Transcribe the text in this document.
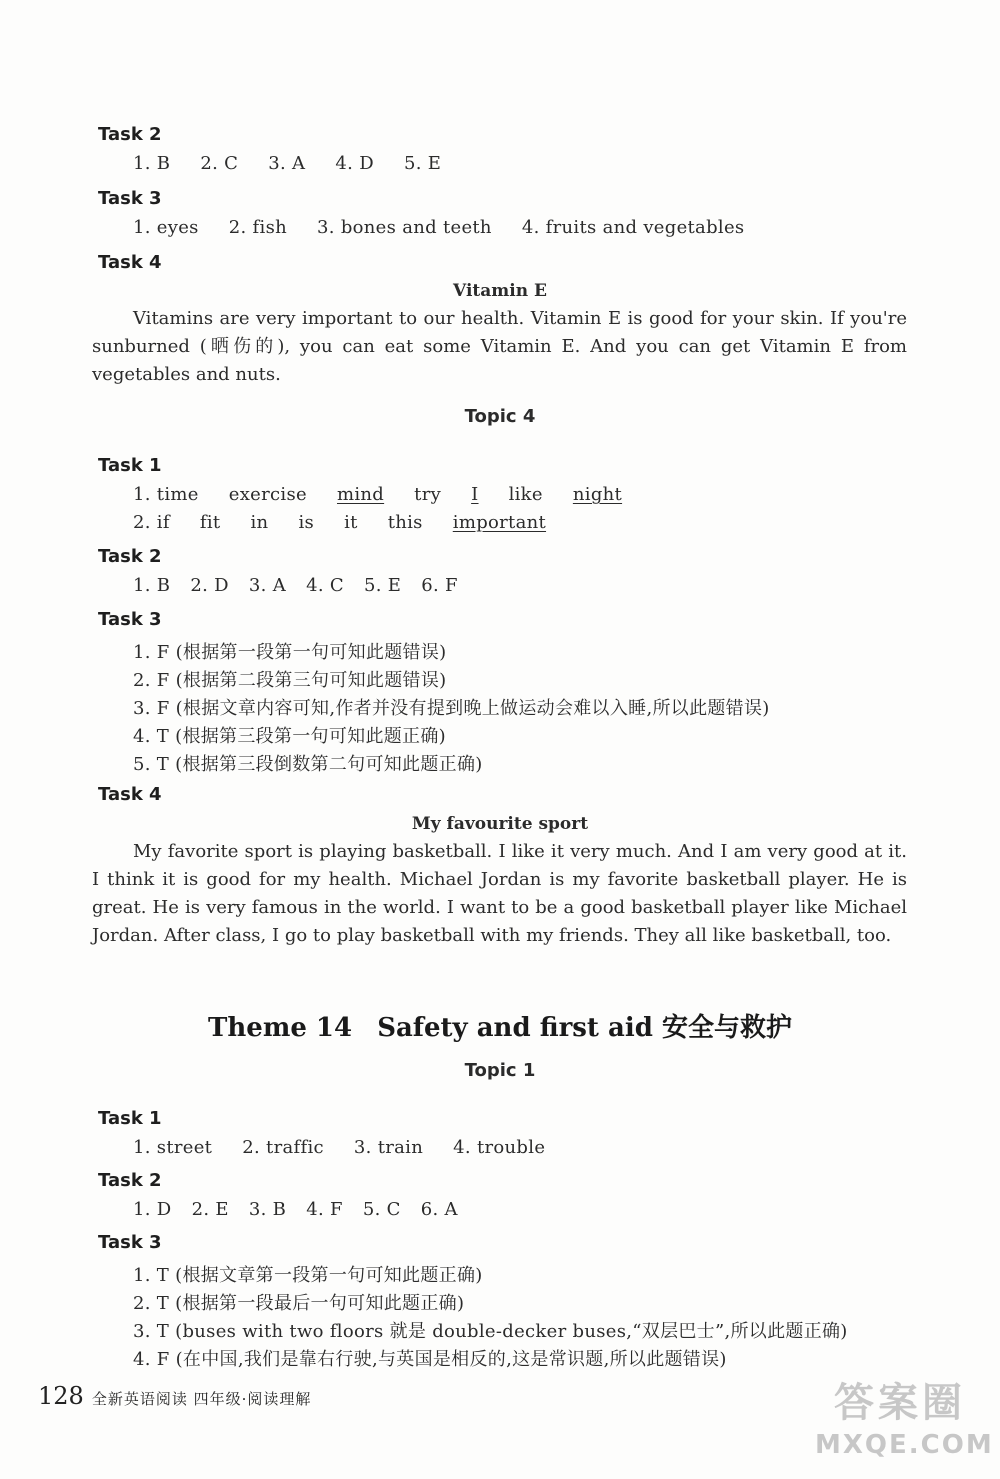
Task 2
1. B 2. C 3. A 4. D 5. E
Task 3
1. eyes 2. fish 3. bones and teeth 4. fruits and vegetables
Task 4
Vitamin E
Vitamins are very important to our health. Vitamin E is good for your skin. If you're sunburned (晒伤的), you can eat some Vitamin E. And you can get Vitamin E from vegetables and nuts.
Topic 4
Task 1
1. time exercise mind try I like night
2. if fit in is it this important
Task 2
1. B 2. D 3. A 4. C 5. E 6. F
Task 3
1. F (根据第一段第一句可知此题错误)
2. F (根据第二段第三句可知此题错误)
3. F (根据文章内容可知,作者并没有提到晚上做运动会难以入睡,所以此题错误)
4. T (根据第三段第一句可知此题正确)
5. T (根据第三段倒数第二句可知此题正确)
Task 4
My favourite sport
My favorite sport is playing basketball. I like it very much. And I am very good at it. I think it is good for my health. Michael Jordan is my favorite basketball player. He is great. He is very famous in the world. I want to be a good basketball player like Michael Jordan. After class, I go to play basketball with my friends. They all like basketball, too.
Theme 14 Safety and first aid 安全与救护
Topic 1
Task 1
1. street 2. traffic 3. train 4. trouble
Task 2
1. D 2. E 3. B 4. F 5. C 6. A
Task 3
1. T (根据文章第一段第一句可知此题正确)
2. T (根据第一段最后一句可知此题正确)
3. T (buses with two floors 就是 double-decker buses,“双层巴士”,所以此题正确)
4. F (在中国,我们是靠右行驶,与英国是相反的,这是常识题,所以此题错误)
128 全新英语阅读 四年级·阅读理解	答案圈
MXQE.COM
